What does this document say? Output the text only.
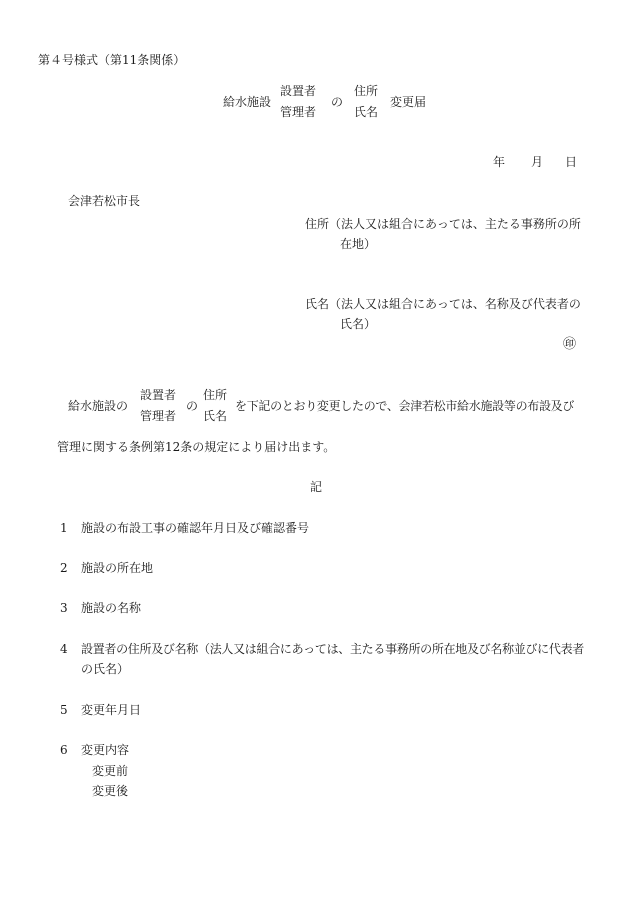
第４号様式（第11条関係）
給水施設
設置者
管理者
の
住所
氏名
変更届
年 月 日
会津若松市長
住所（法人又は組合にあっては、主たる事務所の所
在地）
氏名（法人又は組合にあっては、名称及び代表者の
氏名）
㊞
給水施設の
設置者
管理者
の
住所
氏名
を下記のとおり変更したので、会津若松市給水施設等の布設及び
管理に関する条例第12条の規定により届け出ます。
記
1 施設の布設工事の確認年月日及び確認番号
2 施設の所在地
3 施設の名称
4 設置者の住所及び名称（法人又は組合にあっては、主たる事務所の所在地及び名称並びに代表者
の氏名）
5 変更年月日
6 変更内容
変更前
変更後
